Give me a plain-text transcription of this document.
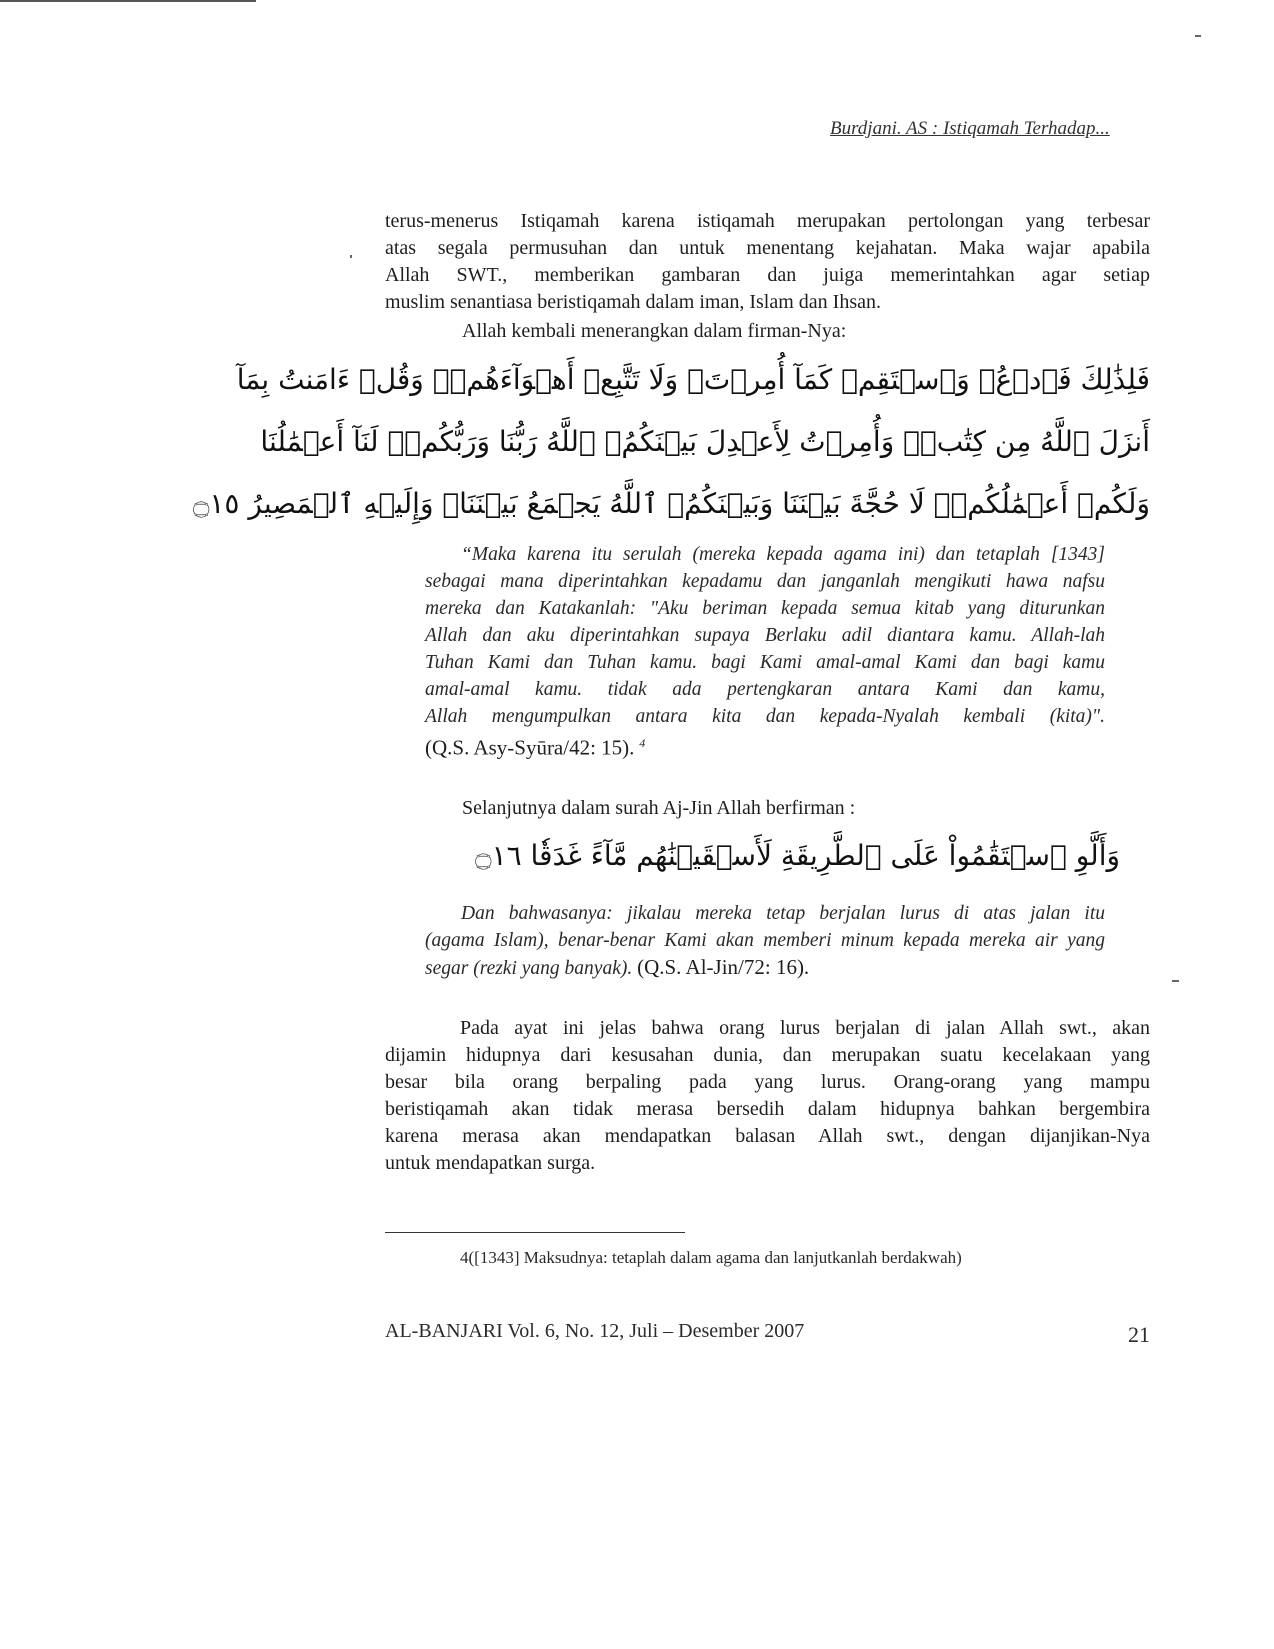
Burdjani. AS : Istiqamah Terhadap...
terus-menerus Istiqamah karena istiqamah merupakan pertolongan yang terbesar
atas segala permusuhan dan untuk menentang kejahatan. Maka wajar apabila
Allah SWT., memberikan gambaran dan juiga memerintahkan agar setiap
muslim senantiasa beristiqamah dalam iman, Islam dan Ihsan.
Allah kembali menerangkan dalam firman-Nya:
فَلِذَٰلِكَ فَٱدۡعُۖ وَٱسۡتَقِمۡ كَمَآ أُمِرۡتَۖ وَلَا تَتَّبِعۡ أَهۡوَآءَهُمۡۖ وَقُلۡ ءَامَنتُ بِمَآ
أَنزَلَ ٱللَّهُ مِن كِتَٰبٖۖ وَأُمِرۡتُ لِأَعۡدِلَ بَيۡنَكُمُۖ ٱللَّهُ رَبُّنَا وَرَبُّكُمۡۖ لَنَآ أَعۡمَٰلُنَا
وَلَكُمۡ أَعۡمَٰلُكُمۡۖ لَا حُجَّةَ بَيۡنَنَا وَبَيۡنَكُمُۖ ٱللَّهُ يَجۡمَعُ بَيۡنَنَاۖ وَإِلَيۡهِ ٱلۡمَصِيرُ ۝١٥
“Maka karena itu serulah (mereka kepada agama ini) dan tetaplah [1343]
sebagai mana diperintahkan kepadamu dan janganlah mengikuti hawa nafsu
mereka dan Katakanlah: "Aku beriman kepada semua kitab yang diturunkan
Allah dan aku diperintahkan supaya Berlaku adil diantara kamu. Allah-lah
Tuhan Kami dan Tuhan kamu. bagi Kami amal-amal Kami dan bagi kamu
amal-amal kamu. tidak ada pertengkaran antara Kami dan kamu,
Allah mengumpulkan antara kita dan kepada-Nyalah kembali (kita)".
(Q.S. Asy-Syūra/42: 15). $^4$
Selanjutnya dalam surah Aj-Jin Allah berfirman :
وَأَلَّوِ ٱسۡتَقَٰمُواْ عَلَى ٱلطَّرِيقَةِ لَأَسۡقَيۡنَٰهُم مَّآءً غَدَقٗا ۝١٦
Dan bahwasanya: jikalau mereka tetap berjalan lurus di atas jalan itu
(agama Islam), benar-benar Kami akan memberi minum kepada mereka air yang
segar (rezki yang banyak). (Q.S. Al-Jin/72: 16).
Pada ayat ini jelas bahwa orang lurus berjalan di jalan Allah swt., akan
dijamin hidupnya dari kesusahan dunia, dan merupakan suatu kecelakaan yang
besar bila orang berpaling pada yang lurus. Orang-orang yang mampu
beristiqamah akan tidak merasa bersedih dalam hidupnya bahkan bergembira
karena merasa akan mendapatkan balasan Allah swt., dengan dijanjikan-Nya
untuk mendapatkan surga.
4([1343] Maksudnya: tetaplah dalam agama dan lanjutkanlah berdakwah)
AL-BANJARI Vol. 6, No. 12, Juli – Desember 2007	21
